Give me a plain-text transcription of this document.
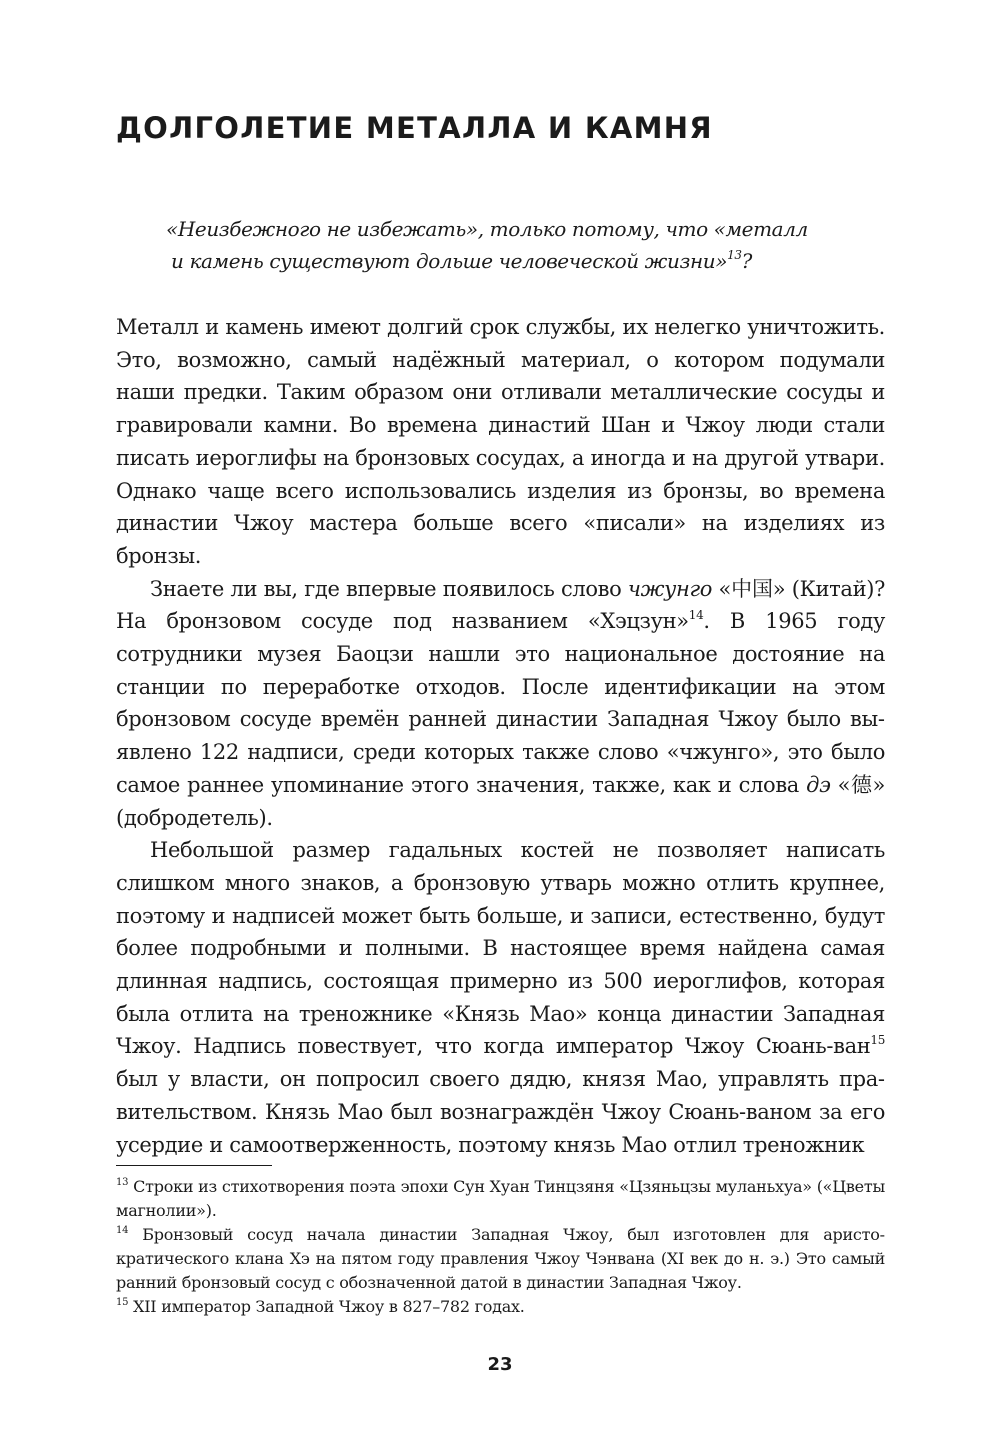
ДОЛГОЛЕТИЕ МЕТАЛЛА И КАМНЯ

«Неизбежного не избежать», только потому, что «металл
и камень существуют дольше человеческой жизни»$^{13}$?

Металл и камень имеют долгий срок службы, их нелегко уничтожить. Это, возможно, самый надёжный материал, о котором подумали наши предки. Таким образом они отливали металлические сосуды и гравировали камни. Во времена династий Шан и Чжоу люди стали писать иероглифы на бронзовых сосудах, а иногда и на другой утвари. Однако чаще всего использовались изделия из бронзы, во времена династии Чжоу мастера больше всего «писали» на изделиях из бронзы.

Знаете ли вы, где впервые появилось слово чжунго «中国» (Китай)? На бронзовом сосуде под названием «Хэцзун»$^{14}$. В 1965 году сотрудники музея Баоцзи нашли это национальное достояние на станции по переработке отходов. После идентификации на этом бронзовом сосуде времён ранней династии Западная Чжоу было выявлено 122 надписи, среди которых также слово «чжунго», это было самое раннее упоминание этого значения, также, как и слова дэ «德» (добродетель).

Небольшой размер гадальных костей не позволяет написать слишком много знаков, а бронзовую утварь можно отлить крупнее, поэтому и надписей может быть больше, и записи, естественно, будут более подробными и полными. В настоящее время найдена самая длинная надпись, состоящая примерно из 500 иероглифов, которая была отлита на треножнике «Князь Мао» конца династии Западная Чжоу. Надпись повествует, что когда император Чжоу Сюань-ван$^{15}$ был у власти, он попросил своего дядю, князя Мао, управлять правительством. Князь Мао был вознаграждён Чжоу Сюань-ваном за его усердие и самоотверженность, поэтому князь Мао отлил треножник

$^{13}$ Строки из стихотворения поэта эпохи Сун Хуан Тинцзяня «Цзяньцзы муланьхуа» («Цветы магнолии»).

$^{14}$ Бронзовый сосуд начала династии Западная Чжоу, был изготовлен для аристократического клана Хэ на пятом году правления Чжоу Чэнвана (XI век до н. э.) Это самый ранний бронзовый сосуд с обозначенной датой в династии Западная Чжоу.

$^{15}$ XII император Западной Чжоу в 827–782 годах.

23
